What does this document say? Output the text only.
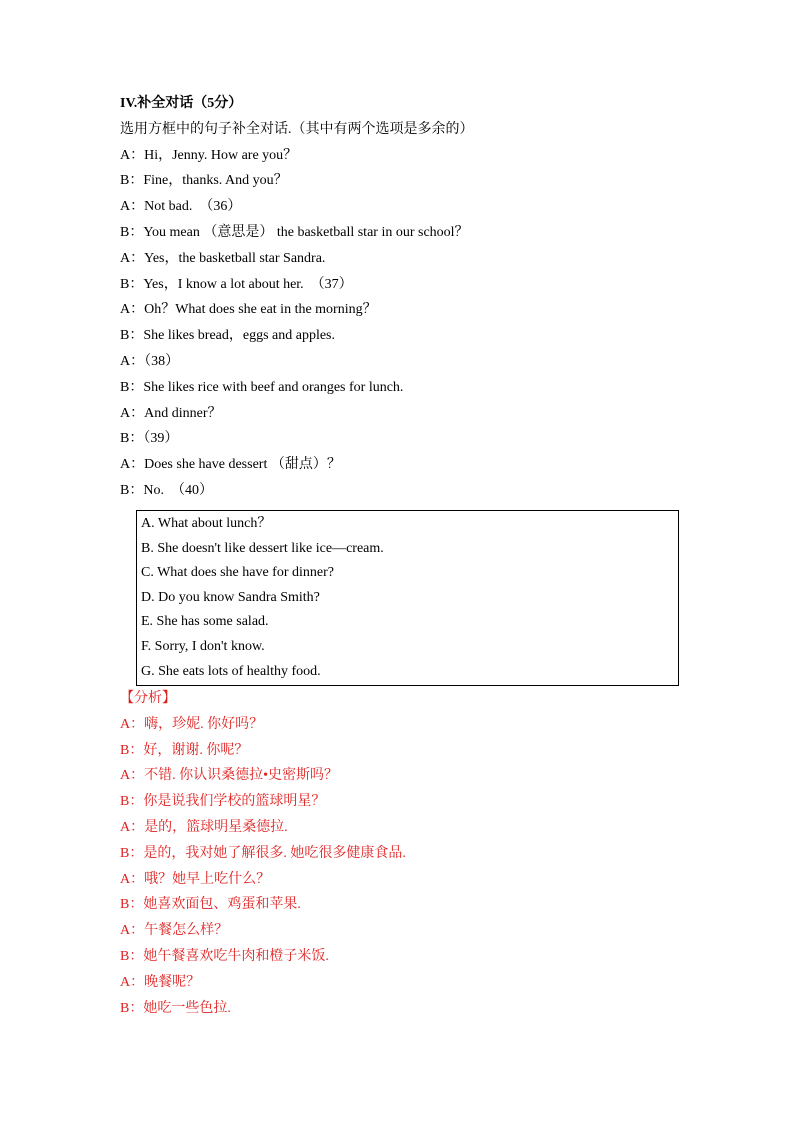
IV.补全对话（5分）
选用方框中的句子补全对话.（其中有两个选项是多余的）
A：Hi，Jenny. How are you？
B：Fine，thanks. And you？
A：Not bad.　（36）
B：You mean （意思是） the basketball star in our school？
A：Yes，the basketball star Sandra.
B：Yes，I know a lot about her.　（37）
A：Oh？What does she eat in the morning？
B：She likes bread，eggs and apples.
A：（38）
B：She likes rice with beef and oranges for lunch.
A：And dinner？
B：（39）
A：Does she have dessert （甜点）？
B：No.　（40）
A. What about lunch？
B. She doesn't like dessert like ice—cream.
C. What does she have for dinner?
D. Do you know Sandra Smith?
E. She has some salad.
F. Sorry, I don't know.
G. She eats lots of healthy food.
【分析】
A：嗨，珍妮. 你好吗？
B：好，谢谢. 你呢？
A：不错. 你认识桑德拉•史密斯吗？
B：你是说我们学校的篮球明星？
A：是的，篮球明星桑德拉.
B：是的，我对她了解很多. 她吃很多健康食品.
A：哦？她早上吃什么？
B：她喜欢面包、鸡蛋和苹果.
A：午餐怎么样？
B：她午餐喜欢吃牛肉和橙子米饭.
A：晚餐呢？
B：她吃一些色拉.
